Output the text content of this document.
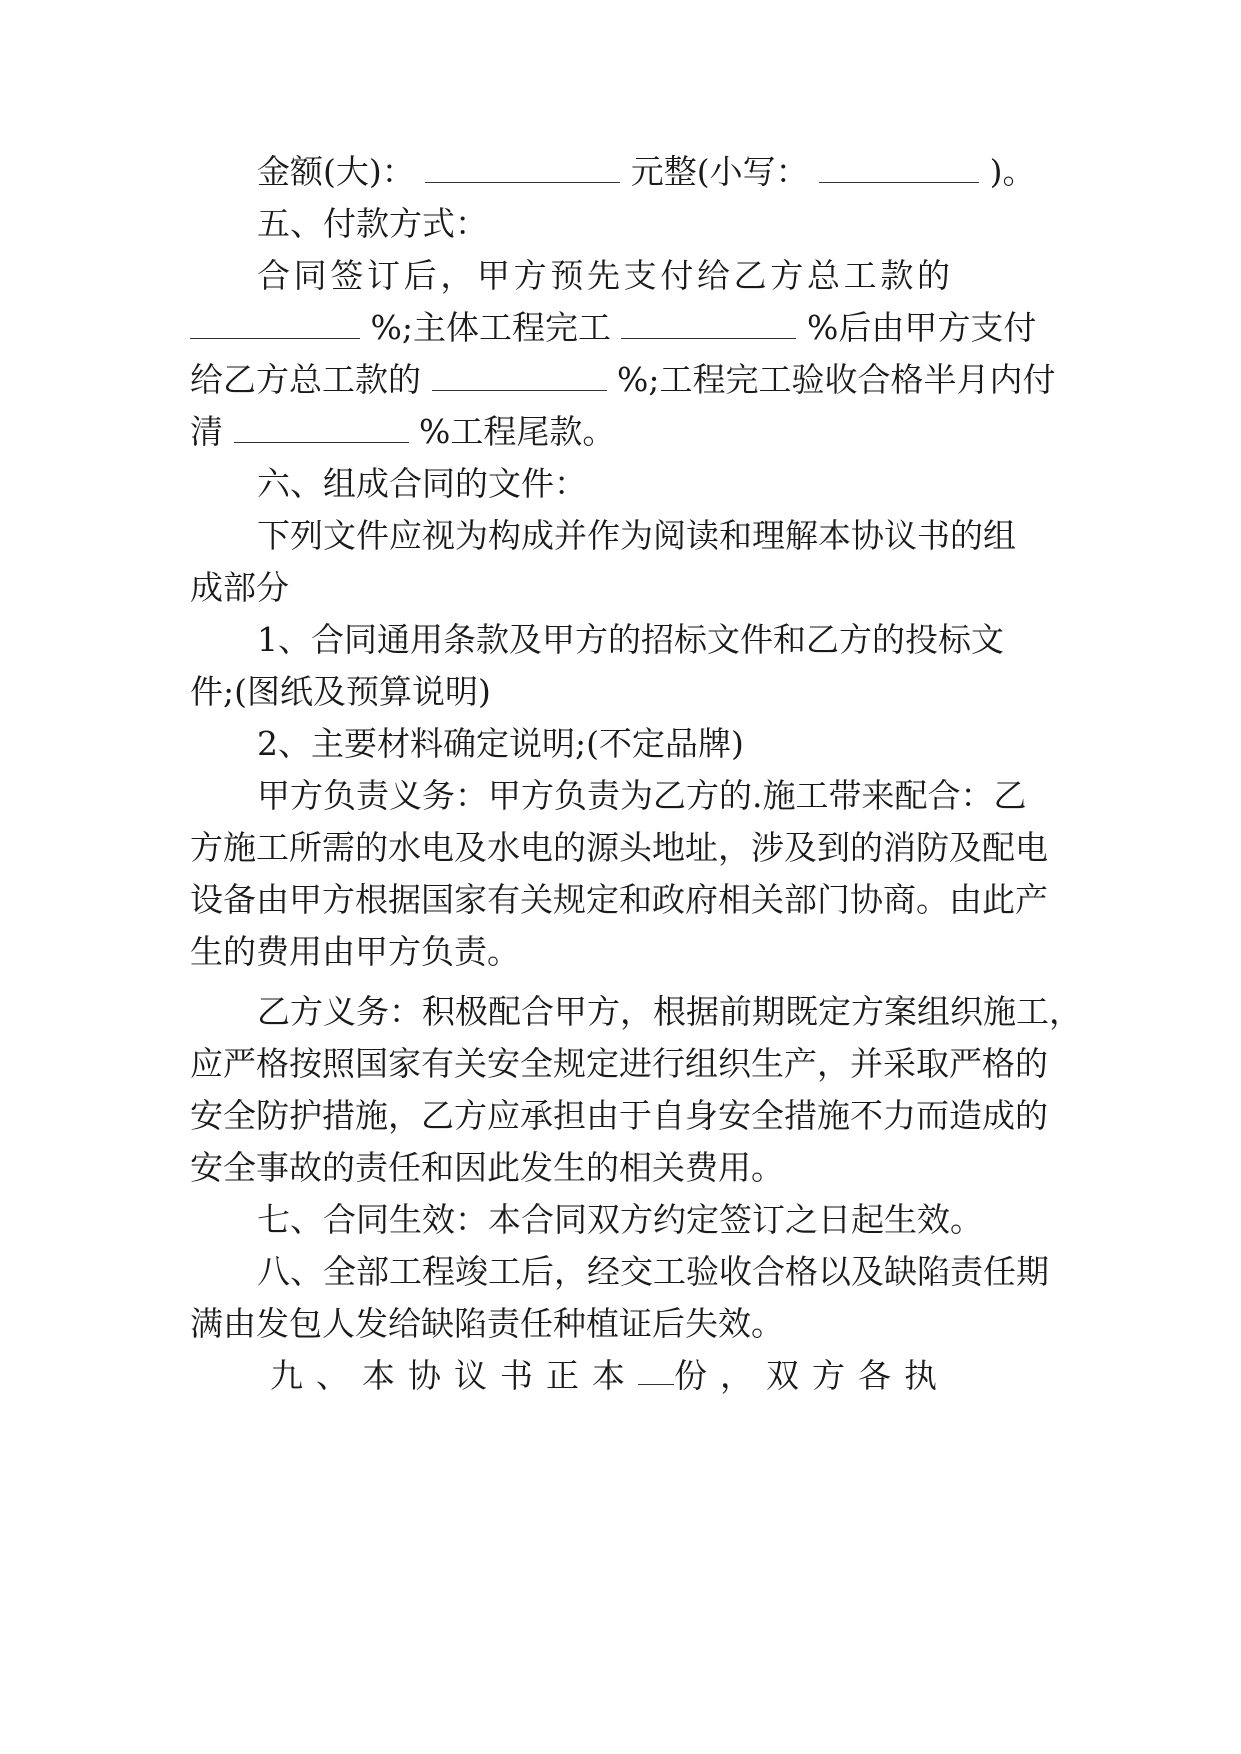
金额(大)：	元整(小写：	)。
五、付款方式：
合同签订后，甲方预先支付给乙方总工款的
%;主体工程完工	%后由甲方支付
给乙方总工款的	%;工程完工验收合格半月内付
清	%工程尾款。
六、组成合同的文件：
下列文件应视为构成并作为阅读和理解本协议书的组
成部分
1、合同通用条款及甲方的招标文件和乙方的投标文
件;(图纸及预算说明)
2、主要材料确定说明;(不定品牌)
甲方负责义务：甲方负责为乙方的.施工带来配合：乙
方施工所需的水电及水电的源头地址，涉及到的消防及配电
设备由甲方根据国家有关规定和政府相关部门协商。由此产
生的费用由甲方负责。
乙方义务：积极配合甲方，根据前期既定方案组织施工，
应严格按照国家有关安全规定进行组织生产，并采取严格的
安全防护措施，乙方应承担由于自身安全措施不力而造成的
安全事故的责任和因此发生的相关费用。
七、合同生效：本合同双方约定签订之日起生效。
八、全部工程竣工后，经交工验收合格以及缺陷责任期
满由发包人发给缺陷责任种植证后失效。
九、本协议书正本 份，双方各执
